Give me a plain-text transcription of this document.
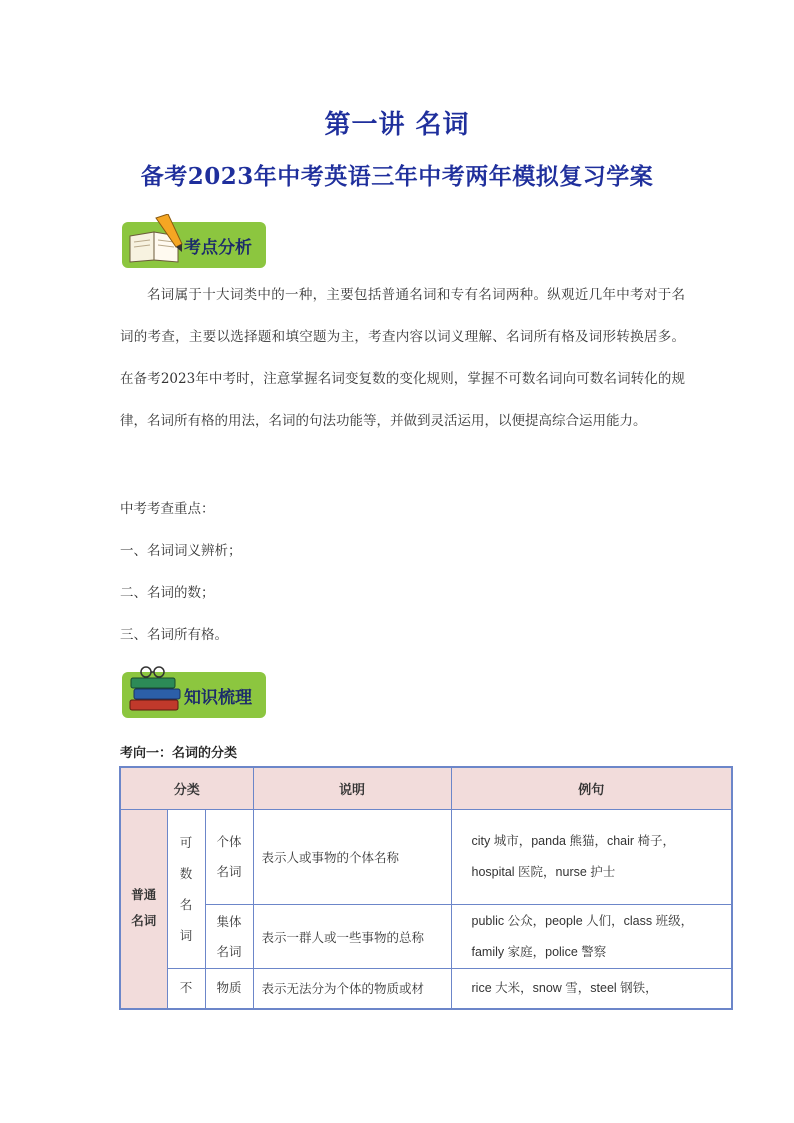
第一讲 名词
备考2023年中考英语三年中考两年模拟复习学案
考点分析

名词属于十大词类中的一种，主要包括普通名词和专有名词两种。纵观近几年中考对于名词的考查，主要以选择题和填空题为主，考查内容以词义理解、名词所有格及词形转换居多。在备考2023年中考时，注意掌握名词变复数的变化规则，掌握不可数名词向可数名词转化的规律，名词所有格的用法，名词的句法功能等，并做到灵活运用，以便提高综合运用能力。

中考考查重点：
一、名词词义辨析；
二、名词的数；
三、名词所有格。
知识梳理
考向一：名词的分类
分类			说明	例句
普通名词	可数名词	个体名词	表示人或事物的个体名称	city 城市，panda 熊猫，chair 椅子，
hospital 医院，nurse 护士

		集体名词	表示一群人或一些事物的总称	public 公众，people 人们，class 班级，
family 家庭，police 警察

	不	物质	表示无法分为个体的物质或材	rice 大米，snow 雪，steel 钢铁，
